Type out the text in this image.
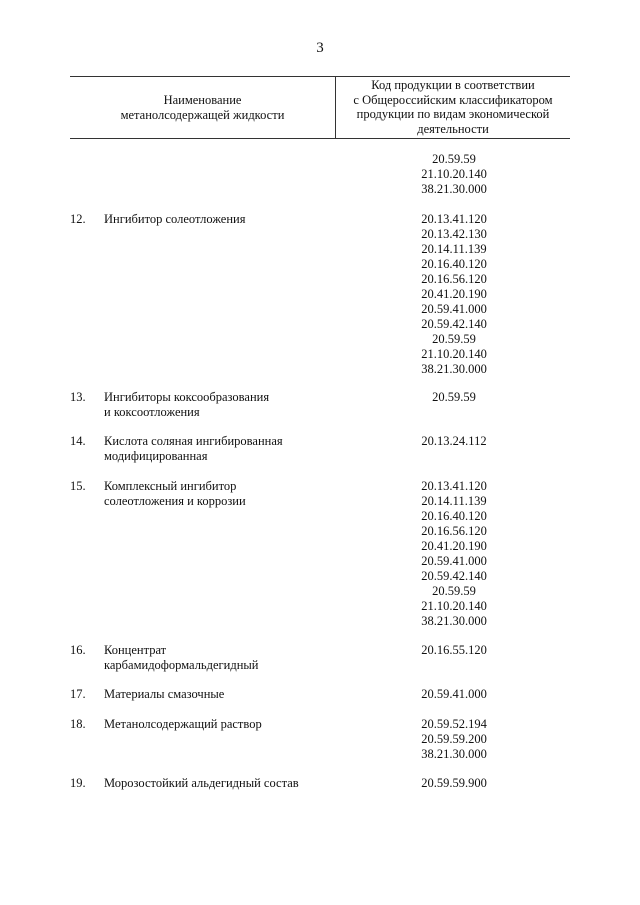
3
Наименование
метанолсодержащей жидкости
Код продукции в соответствии
с Общероссийским классификатором
продукции по видам экономической
деятельности
20.59.59
21.10.20.140
38.21.30.000
12.	Ингибитор солеотложения	20.13.41.120
20.13.42.130
20.14.11.139
20.16.40.120
20.16.56.120
20.41.20.190
20.59.41.000
20.59.42.140
20.59.59
21.10.20.140
38.21.30.000
13.	Ингибиторы коксообразования
и коксоотложения
20.59.59
14.	Кислота соляная ингибированная
модифицированная
20.13.24.112
15.	Комплексный ингибитор
солеотложения и коррозии
20.13.41.120
20.14.11.139
20.16.40.120
20.16.56.120
20.41.20.190
20.59.41.000
20.59.42.140
20.59.59
21.10.20.140
38.21.30.000
16.	Концентрат
карбамидоформальдегидный
20.16.55.120
17.	Материалы смазочные	20.59.41.000
18.	Метанолсодержащий раствор	20.59.52.194
20.59.59.200
38.21.30.000
19.	Морозостойкий альдегидный состав	20.59.59.900
